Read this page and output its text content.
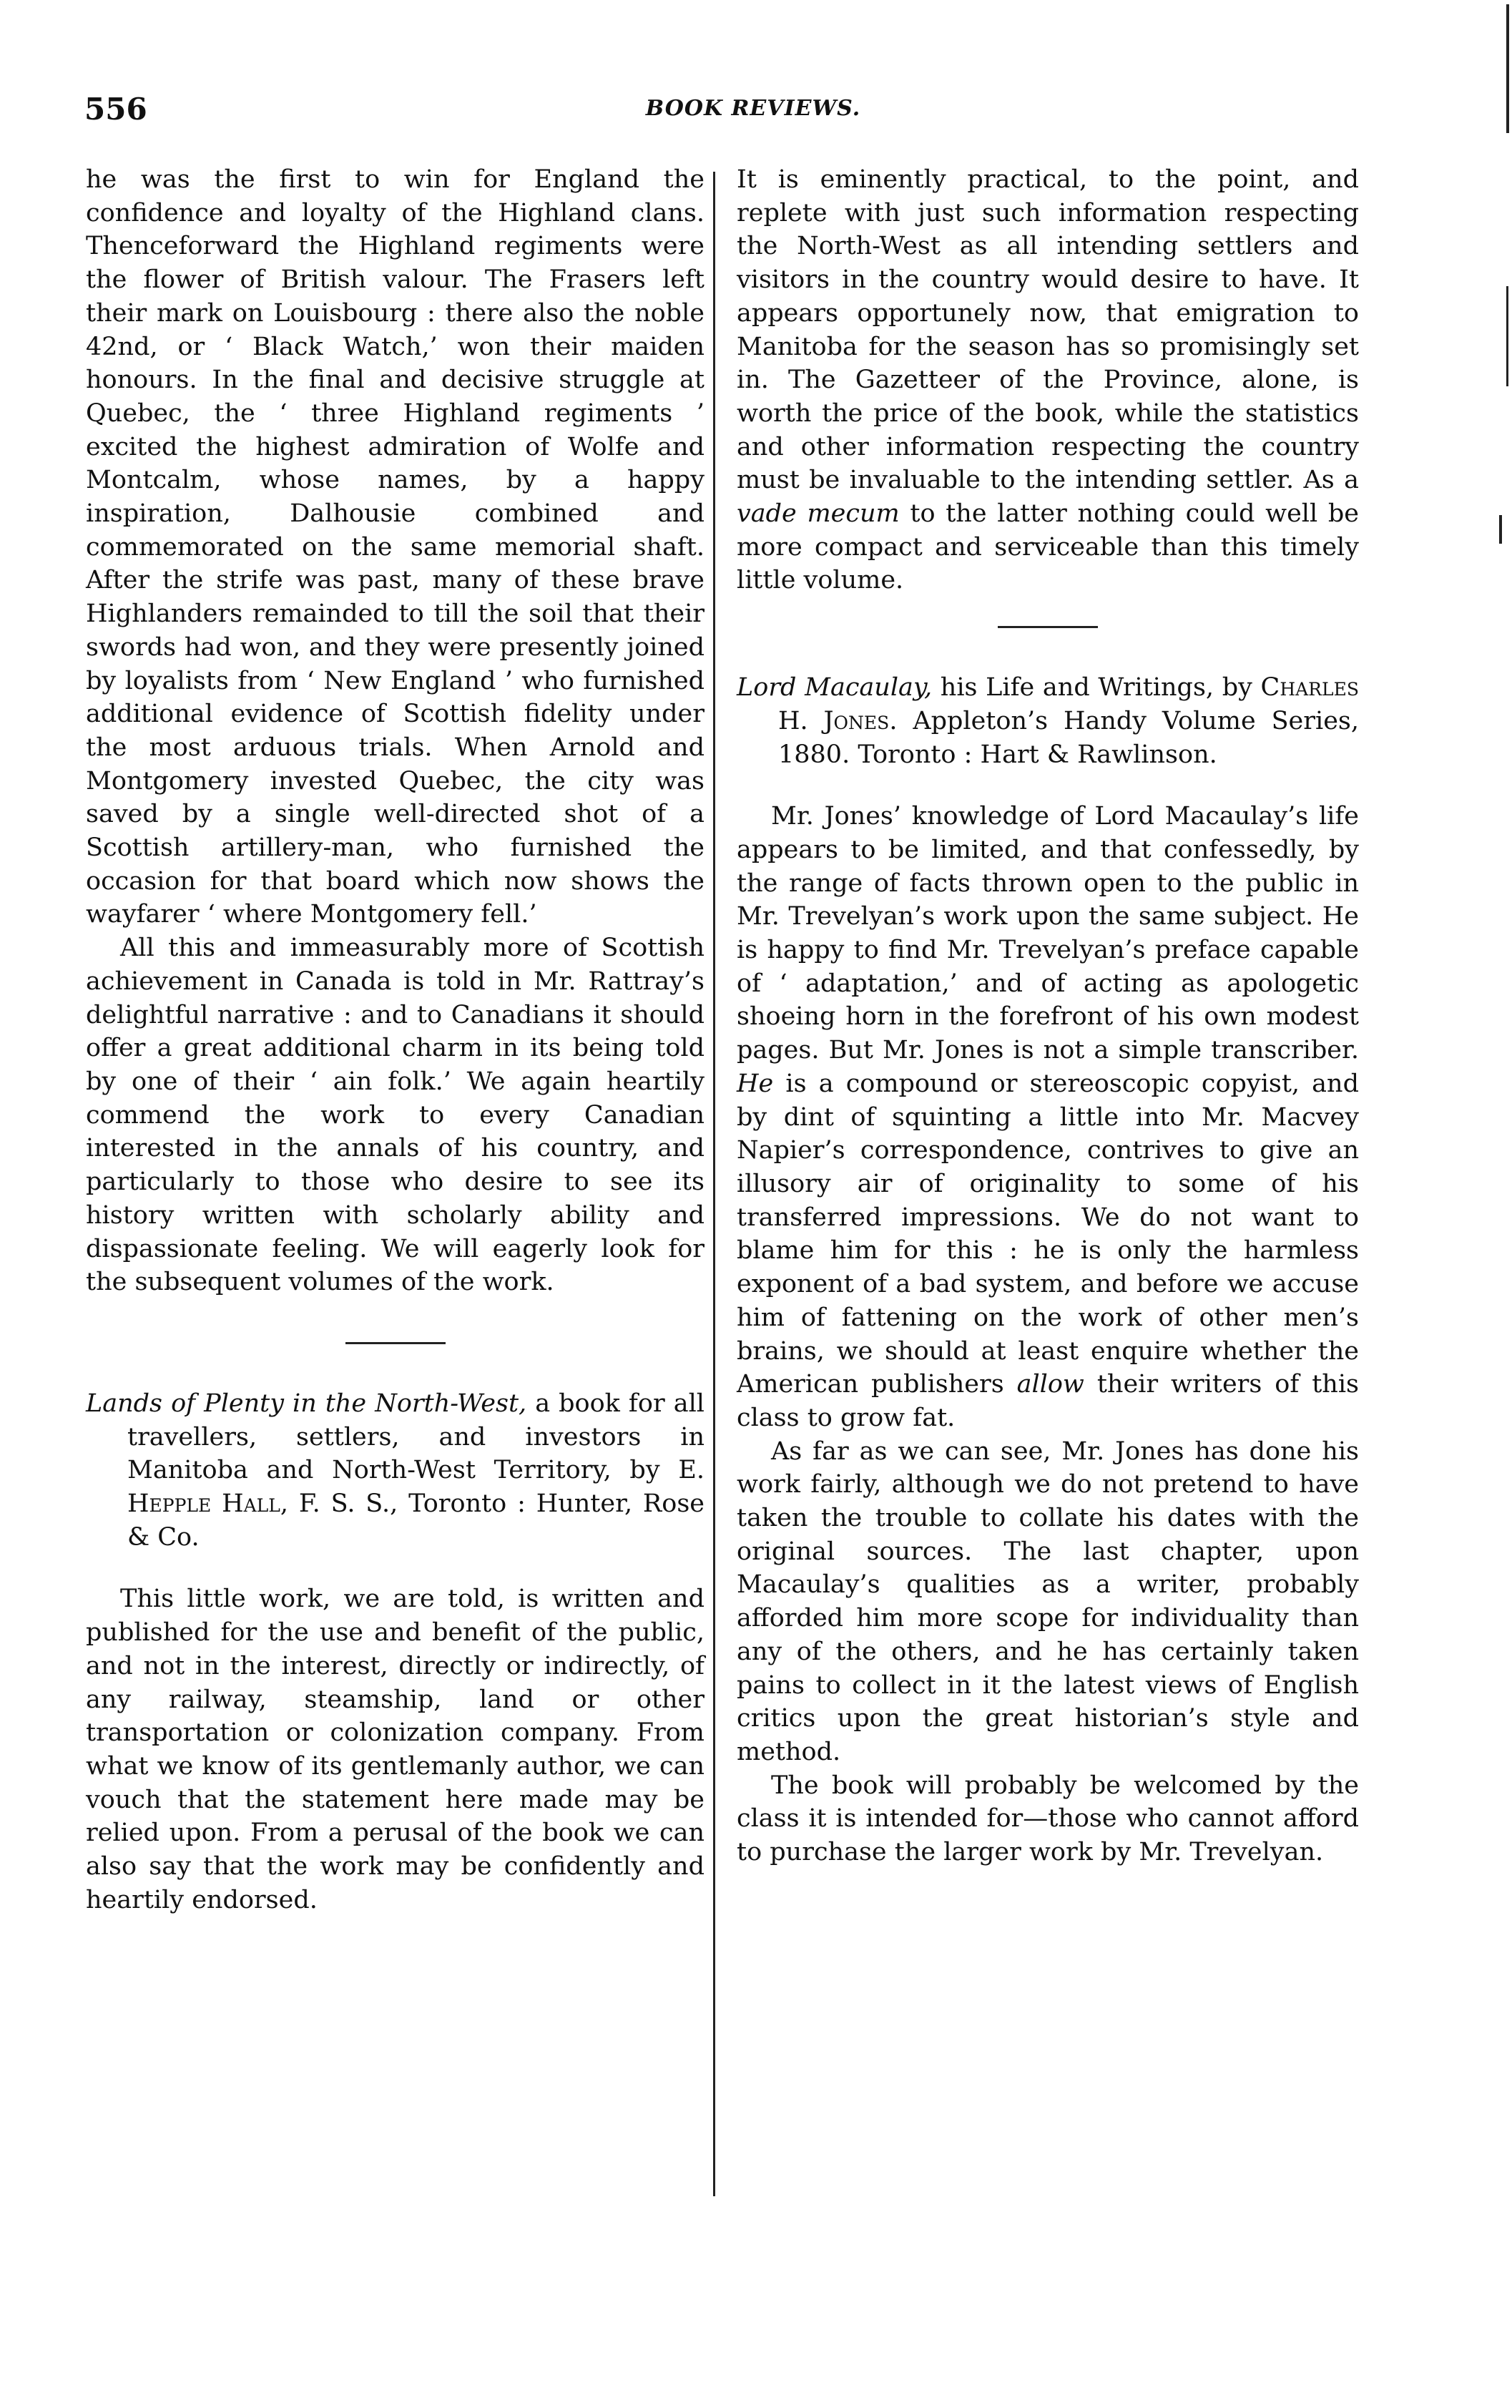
556	BOOK REVIEWS.

he was the first to win for England the confidence and loyalty of the Highland clans. Thenceforward the Highland regiments were the flower of British valour. The Frasers left their mark on Louisbourg : there also the noble 42nd, or ‘ Black Watch,’ won their maiden honours. In the final and decisive struggle at Quebec, the ‘ three Highland regiments ’ excited the highest admiration of Wolfe and Montcalm, whose names, by a happy inspiration, Dalhousie combined and commemorated on the same memorial shaft. After the strife was past, many of these brave Highlanders remainded to till the soil that their swords had won, and they were presently joined by loyalists from ‘ New England ’ who furnished additional evidence of Scottish fidelity under the most arduous trials. When Arnold and Montgomery invested Quebec, the city was saved by a single well-directed shot of a Scottish artillery-man, who furnished the occasion for that board which now shows the wayfarer ‘ where Montgomery fell.’

All this and immeasurably more of Scottish achievement in Canada is told in Mr. Rattray’s delightful narrative : and to Canadians it should offer a great additional charm in its being told by one of their ‘ ain folk.’ We again heartily commend the work to every Canadian interested in the annals of his country, and particularly to those who desire to see its history written with scholarly ability and dispassionate feeling. We will eagerly look for the subsequent volumes of the work.

Lands of Plenty in the North-West, a book for all travellers, settlers, and investors in Manitoba and North-West Territory, by E. Hepple Hall, F. S. S., Toronto : Hunter, Rose & Co.

This little work, we are told, is written and published for the use and benefit of the public, and not in the interest, directly or indirectly, of any railway, steamship, land or other transportation or colonization company. From what we know of its gentlemanly author, we can vouch that the statement here made may be relied upon. From a perusal of the book we can also say that the work may be confidently and heartily endorsed.

It is eminently practical, to the point, and replete with just such information respecting the North-West as all intending settlers and visitors in the country would desire to have. It appears opportunely now, that emigration to Manitoba for the season has so promisingly set in. The Gazetteer of the Province, alone, is worth the price of the book, while the statistics and other information respecting the country must be invaluable to the intending settler. As a vade mecum to the latter nothing could well be more compact and serviceable than this timely little volume.

Lord Macaulay, his Life and Writings, by Charles H. Jones. Appleton’s Handy Volume Series, 1880. Toronto : Hart & Rawlinson.

Mr. Jones’ knowledge of Lord Macaulay’s life appears to be limited, and that confessedly, by the range of facts thrown open to the public in Mr. Trevelyan’s work upon the same subject. He is happy to find Mr. Trevelyan’s preface capable of ‘ adaptation,’ and of acting as apologetic shoeing horn in the forefront of his own modest pages. But Mr. Jones is not a simple transcriber. He is a compound or stereoscopic copyist, and by dint of squinting a little into Mr. Macvey Napier’s correspondence, contrives to give an illusory air of originality to some of his transferred impressions. We do not want to blame him for this : he is only the harmless exponent of a bad system, and before we accuse him of fattening on the work of other men’s brains, we should at least enquire whether the American publishers allow their writers of this class to grow fat.

As far as we can see, Mr. Jones has done his work fairly, although we do not pretend to have taken the trouble to collate his dates with the original sources. The last chapter, upon Macaulay’s qualities as a writer, probably afforded him more scope for individuality than any of the others, and he has certainly taken pains to collect in it the latest views of English critics upon the great historian’s style and method.

The book will probably be welcomed by the class it is intended for—those who cannot afford to purchase the larger work by Mr. Trevelyan.
